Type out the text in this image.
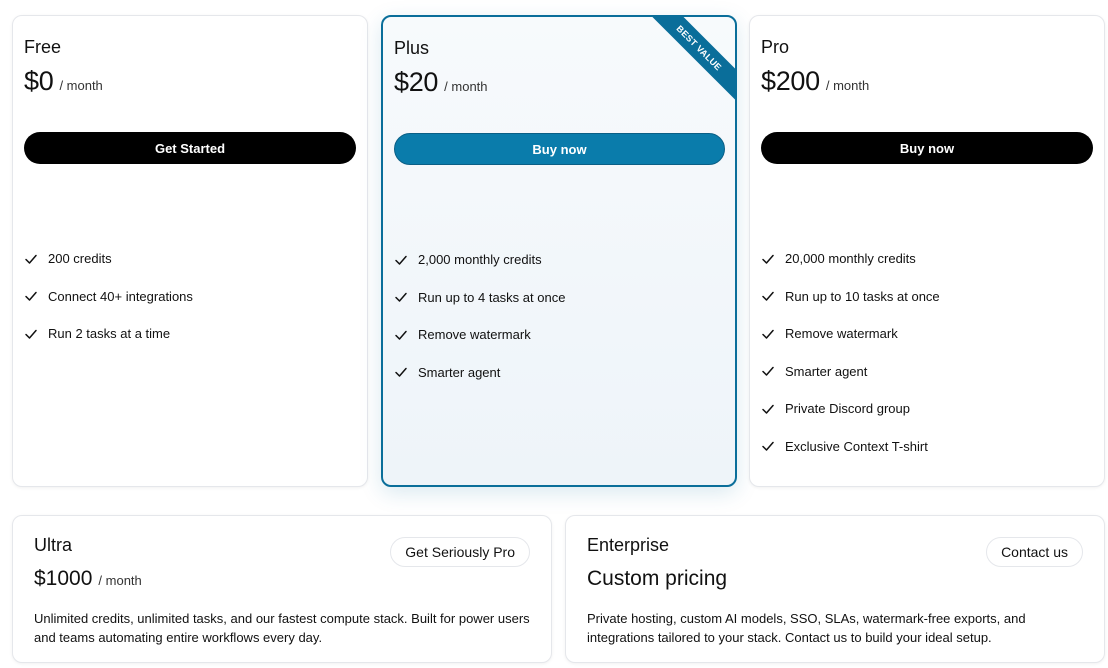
Free
$0 / month
Get Started
200 credits
Connect 40+ integrations
Run 2 tasks at a time
BEST VALUE
Plus
$20 / month
Buy now
2,000 monthly credits
Run up to 4 tasks at once
Remove watermark
Smarter agent
Pro
$200 / month
Buy now
20,000 monthly credits
Run up to 10 tasks at once
Remove watermark
Smarter agent
Private Discord group
Exclusive Context T-shirt
Ultra	Get Seriously Pro
$1000 / month
Unlimited credits, unlimited tasks, and our fastest compute stack. Built for power users and teams automating entire workflows every day.
Enterprise	Contact us
Custom pricing
Private hosting, custom AI models, SSO, SLAs, watermark-free exports, and integrations tailored to your stack. Contact us to build your ideal setup.
